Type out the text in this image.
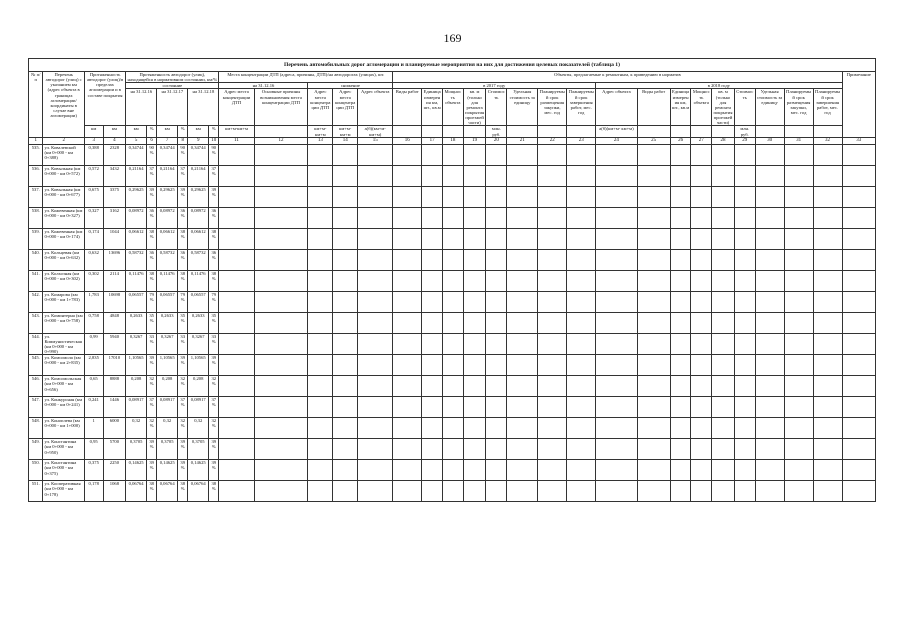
169
Перечень автомобильных дорог агломерации и планируемые мероприятия на них для достижения целевых показателей (таблица 1)																																
№ п/п	Перечень автодорог (улиц) с указанием км (адрес объекта в границах агломерации/координаты в случае вне агломерации)	Протяженность автодорог (улиц)/в пределах агломерации и в составе покрытия		Протяженность автодорог (улиц), находящейся в нормативном состоянии, км/%						Места концентрации ДТП (адреса, причины, ДТП)/на автодорогах (улицах), шт.					Объекты, предлагаемые к ремонтным, к приведению в норматив																	Примечание
				состояние						на 31.12.16		снижение			в 2017 году								в 2018 году									
				на 31.12.16		на 31.12.17		на 31.12.18		Адрес места концентрации ДТП	Основные причины возникновения места концентрации ДТП	Адрес места концентрации ДТП	Адрес места концентрации ДТП	Адрес объекта	Виды работ	Единица измерения км, шт., кв.м	Мощность объекта	кв. м (только для ремонта покрытия проезжей части)	Стоимость	Удельная стоимость за единицу	Планируемый срок размещения закупки, мес. год	Планируемый срок завершения работ, мес. год	Адрес объекта	Виды работ	Единица измерения км, шт., кв.м	Мощность объекта	кв. м (только для ремонта покрытия проезжей части)	Стоимость	Удельная стоимость за единицу	Планируемый срок размещения закупки, мес. год	Планируемый срок завершения работ, мес. год	
		км	км	км	%	км	%	км	%	км+м-км+м		км+м-км+м	км+м-км+м	а(б)(км+м- км+м)					млн. руб.				а(б)(км+м- км+м)					млн. руб.				
1	2	3	4	5	6	7	8	9	10	11	12	13	14	15	16	17	18	19	20	21	22	23	24	25	26	27	28	29	30	31	32	33
535.	ул. Ковалевской (км 0+000 - км 0+388)	0,388	2328	0,34744	90%	0,34744	90%	0,34744	90%																							
536.	ул. Ковыльная (км 0+000 - км 0+572)	0,572	3432	0,21164	37%	0,21164	37%	0,21164	37%																							
537.	ул. Ковыльная (км 0+000 - км 0+677)	0,675	3375	0,29625	39%	0,29625	39%	0,29625	39%																							
538.	ул. Кожевенная (км 0+000 - км 0+327)	0,327	3162	0,08972	36%	0,08972	36%	0,08972	36%																							
539.	ул. Кожевенная (км 0+000 - км 0+174)	0,174	1044	0,06612	38%	0,06612	38%	0,06612	38%																							
540.	ул. Кольцевая (км 0+000 - км 0+632)	0,632	13696	0,58732	36%	0,58732	36%	0,58732	36%																							
541.	ул. Колхозная (км 0+000 - км 0+302)	0,302	2114	0,11476	38%	0,11476	38%	0,11476	38%																							
542.	ул. Комарова (км 0+000 - км 1+783)	1,783	10698	0,06557	79%	0,06557	79%	0,06557	79%																							
543.	ул. Коминтерна (км 0+000 - км 0+758)	0,758	4848	0,2633	35%	0,2633	35%	0,2633	35%																							
544.	ул. Коммунистическая (км 0+000 - км 0+990)	0,99	5940	0,3267	33%	0,3267	33%	0,3267	33%																							
545.	ул. Комсомола (км 0+000 - км 2+835)	2,835	17010	1,10565	39%	1,10565	39%	1,10565	39%																							
546.	ул. Комсомольская (км 0+000 - км 0+656)	0,65	8888	0,208	32%	0,208	32%	0,208	32%																							
547.	ул. Конкурсная (км 0+000 - км 0+241)	0,241	1446	0,08917	37%	0,08917	37%	0,08917	37%																							
548.	ул. Коноплева (км 0+000 - км 1+000)	1	6000	0,32	32%	0,32	32%	0,32	32%																							
549.	ул. Константина (км 0+000 - км 0+950)	0,95	5700	0,3705	39%	0,3705	39%	0,3705	39%																							
550.	ул. Константина (км 0+000 - км 0+375)	0,375	2250	0,14625	39%	0,14625	39%	0,14625	39%																							
551.	ул. Кооперативная (км 0+000 - км 0+178)	0,178	1068	0,06764	38%	0,06764	38%	0,06764	38%																							
